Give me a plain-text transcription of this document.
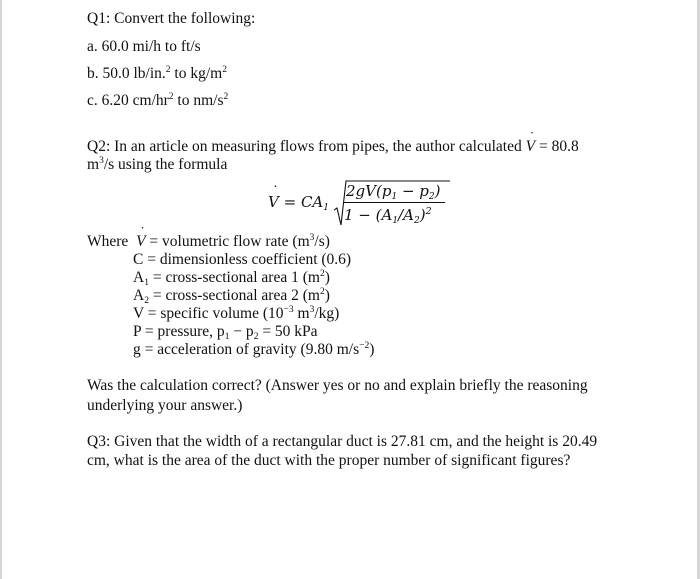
Q1: Convert the following:
a. 60.0 mi/h to ft/s
b. 50.0 lb/in.$^2$ to $kg/m^2$
c. 6.20 $cm/hr^2$ to $nm/s^2$
Q2: In an article on measuring flows from pipes, the author calculated ˙ V = 80.8
$m^3/s$ using the formula
˙ $V = CA_1$
$2gV(p_1 - p_2)$
$1 - (A_1/A_2)^2$
Where  ˙ V = volumetric flow rate $(m^3/s)$
C = dimensionless coefficient (0.6)
$A_1$ = cross-sectional area 1 $(m^2)$
$A_2$ = cross-sectional area 2 $(m^2)$
V = specific volume ($10^{-3}$ $m^3/kg$)
P = pressure, $p_1 - p_2 = 50$ kPa
g = acceleration of gravity (9.80 $m/s^{-2}$)
Was the calculation correct? (Answer yes or no and explain briefly the reasoning
underlying your answer.)
Q3: Given that the width of a rectangular duct is 27.81 cm, and the height is 20.49
cm, what is the area of the duct with the proper number of significant figures?
